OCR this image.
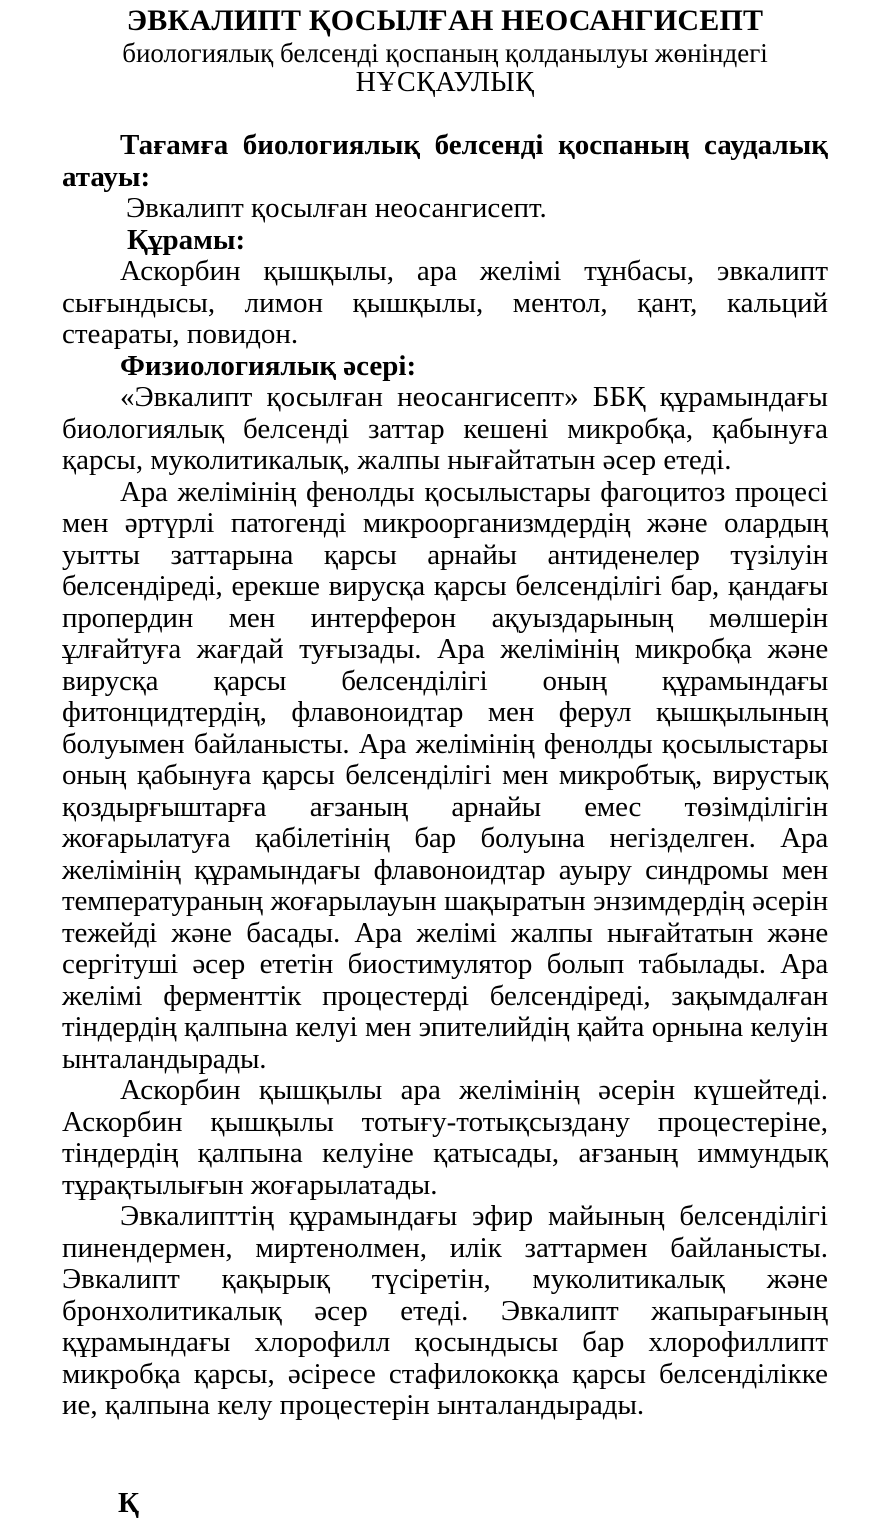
ЭВКАЛИПТ ҚОСЫЛҒАН НЕОСАНГИСЕПТ

биологиялық белсенді қоспаның қолданылуы жөніндегі

НҰСҚАУЛЫҚ

Тағамға биологиялық белсенді қоспаның саудалық атауы:

Эвкалипт қосылған неосангисепт.

Құрамы:

Аскорбин қышқылы, ара желімі тұнбасы, эвкалипт сығындысы, лимон қышқылы, ментол, қант, кальций стеараты, повидон.

Физиологиялық әсері:

«Эвкалипт қосылған неосангисепт» ББҚ құрамындағы биологиялық белсенді заттар кешені микробқа, қабынуға қарсы, муколитикалық, жалпы нығайтатын әсер етеді.

Ара желімінің фенолды қосылыстары фагоцитоз процесі мен әртүрлі патогенді микроорганизмдердің және олардың уытты заттарына қарсы арнайы антиденелер түзілуін белсендіреді, ерекше вирусқа қарсы белсенділігі бар, қандағы пропердин мен интерферон ақуыздарының мөлшерін ұлғайтуға жағдай туғызады. Ара желімінің микробқа және вирусқа қарсы белсенділігі оның құрамындағы фитонцидтердің, флавоноидтар мен ферул қышқылының болуымен байланысты. Ара желімінің фенолды қосылыстары оның қабынуға қарсы белсенділігі мен микробтық, вирустық қоздырғыштарға ағзаның арнайы емес төзімділігін жоғарылатуға қабілетінің бар болуына негізделген. Ара желімінің құрамындағы флавоноидтар ауыру синдромы мен температураның жоғарылауын шақыратын энзимдердің әсерін тежейді және басады. Ара желімі жалпы нығайтатын және сергітуші әсер ететін биостимулятор болып табылады. Ара желімі ферменттік процестерді белсендіреді, зақымдалған тіндердің қалпына келуі мен эпителийдің қайта орнына келуін ынталандырады.

Аскорбин қышқылы ара желімінің әсерін күшейтеді. Аскорбин қышқылы тотығу-тотықсыздану процестеріне, тіндердің қалпына келуіне қатысады, ағзаның иммундық тұрақтылығын жоғарылатады.

Эвкалипттің құрамындағы эфир майының белсенділігі пинендермен, миртенолмен, илік заттармен байланысты. Эвкалипт қақырық түсіретін, муколитикалық және бронхолитикалық әсер етеді. Эвкалипт жапырағының құрамындағы хлорофилл қосындысы бар хлорофиллипт микробқа қарсы, әсіресе стафилококқа қарсы белсенділікке ие, қалпына келу процестерін ынталандырады.

Қ
